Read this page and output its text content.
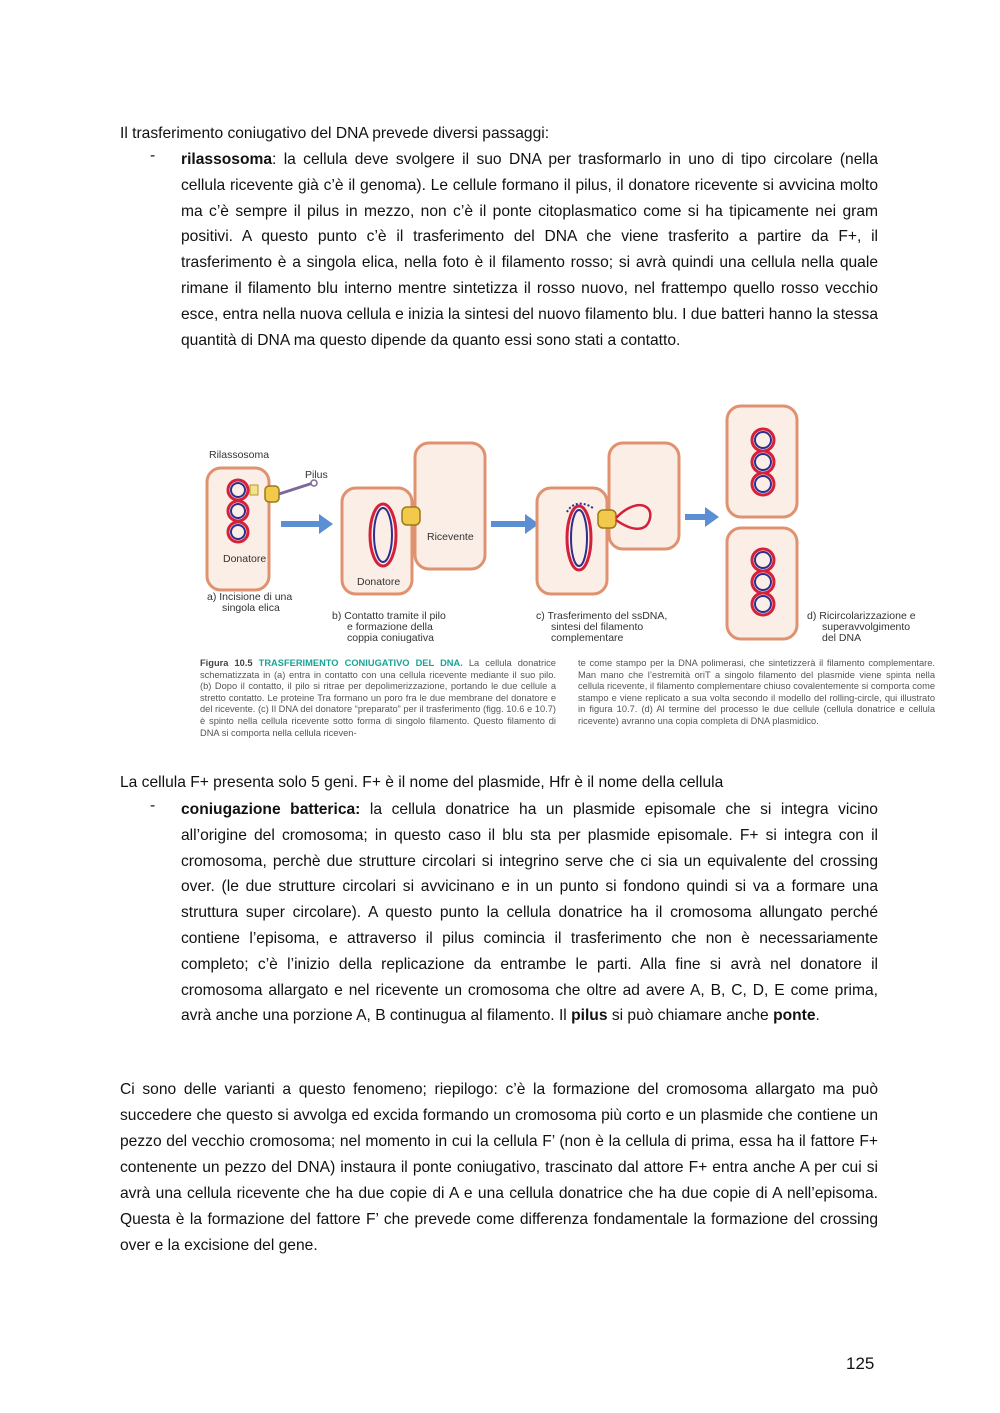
Il trasferimento coniugativo del DNA prevede diversi passaggi:

- rilassosoma: la cellula deve svolgere il suo DNA per trasformarlo in uno di tipo circolare (nella cellula ricevente già c’è il genoma). Le cellule formano il pilus, il donatore ricevente si avvicina molto ma c’è sempre il pilus in mezzo, non c’è il ponte citoplasmatico come si ha tipicamente nei gram positivi. A questo punto c’è il trasferimento del DNA che viene trasferito a partire da F+, il trasferimento è a singola elica, nella foto è il filamento rosso; si avrà quindi una cellula nella quale rimane il filamento blu interno mentre sintetizza il rosso nuovo, nel frattempo quello rosso vecchio esce, entra nella nuova cellula e inizia la sintesi del nuovo filamento blu. I due batteri hanno la stessa quantità di DNA ma questo dipende da quanto essi sono stati a contatto.

Rilassosoma
Pilus
Donatore
Ricevente
Donatore
a) Incisione di una
singola elica
b) Contatto tramite il pilo
e formazione della
coppia coniugativa
c) Trasferimento del ssDNA,
sintesi del filamento
complementare
d) Ricircolarizzazione e
superavvolgimento
del DNA

Figura 10.5 TRASFERIMENTO CONIUGATIVO DEL DNA. La cellula donatrice schematizzata in (a) entra in contatto con una cellula ricevente mediante il suo pilo. (b) Dopo il contatto, il pilo si ritrae per depolimerizzazione, portando le due cellule a stretto contatto. Le proteine Tra formano un poro fra le due membrane del donatore e del ricevente. (c) Il DNA del donatore “preparato” per il trasferimento (figg. 10.6 e 10.7) è spinto nella cellula ricevente sotto forma di singolo filamento. Questo filamento di DNA si comporta nella cellula riceven-

te come stampo per la DNA polimerasi, che sintetizzerà il filamento complementare. Man mano che l’estremità oriT a singolo filamento del plasmide viene spinta nella cellula ricevente, il filamento complementare chiuso covalentemente si comporta come stampo e viene replicato a sua volta secondo il modello del rolling-circle, qui illustrato in figura 10.7. (d) Al termine del processo le due cellule (cellula donatrice e cellula ricevente) avranno una copia completa di DNA plasmidico.

La cellula F+ presenta solo 5 geni. F+ è il nome del plasmide, Hfr è il nome della cellula

- coniugazione batterica: la cellula donatrice ha un plasmide episomale che si integra vicino all’origine del cromosoma; in questo caso il blu sta per plasmide episomale. F+ si integra con il cromosoma, perchè due strutture circolari si integrino serve che ci sia un equivalente del crossing over. (le due strutture circolari si avvicinano e in un punto si fondono quindi si va a formare una struttura super circolare). A questo punto la cellula donatrice ha il cromosoma allungato perché contiene l’episoma, e attraverso il pilus comincia il trasferimento che non è necessariamente completo; c’è l’inizio della replicazione da entrambe le parti. Alla fine si avrà nel donatore il cromosoma allargato e nel ricevente un cromosoma che oltre ad avere A, B, C, D, E come prima, avrà anche una porzione A, B continugua al filamento. Il pilus si può chiamare anche ponte.

Ci sono delle varianti a questo fenomeno; riepilogo: c’è la formazione del cromosoma allargato ma può succedere che questo si avvolga ed excida formando un cromosoma più corto e un plasmide che contiene un pezzo del vecchio cromosoma; nel momento in cui la cellula F’ (non è la cellula di prima, essa ha il fattore F+ contenente un pezzo del DNA) instaura il ponte coniugativo, trascinato dal attore F+ entra anche A per cui si avrà una cellula ricevente che ha due copie di A e una cellula donatrice che ha due copie di A nell’episoma. Questa è la formazione del fattore F’ che prevede come differenza fondamentale la formazione del crossing over e la excisione del gene.

125
